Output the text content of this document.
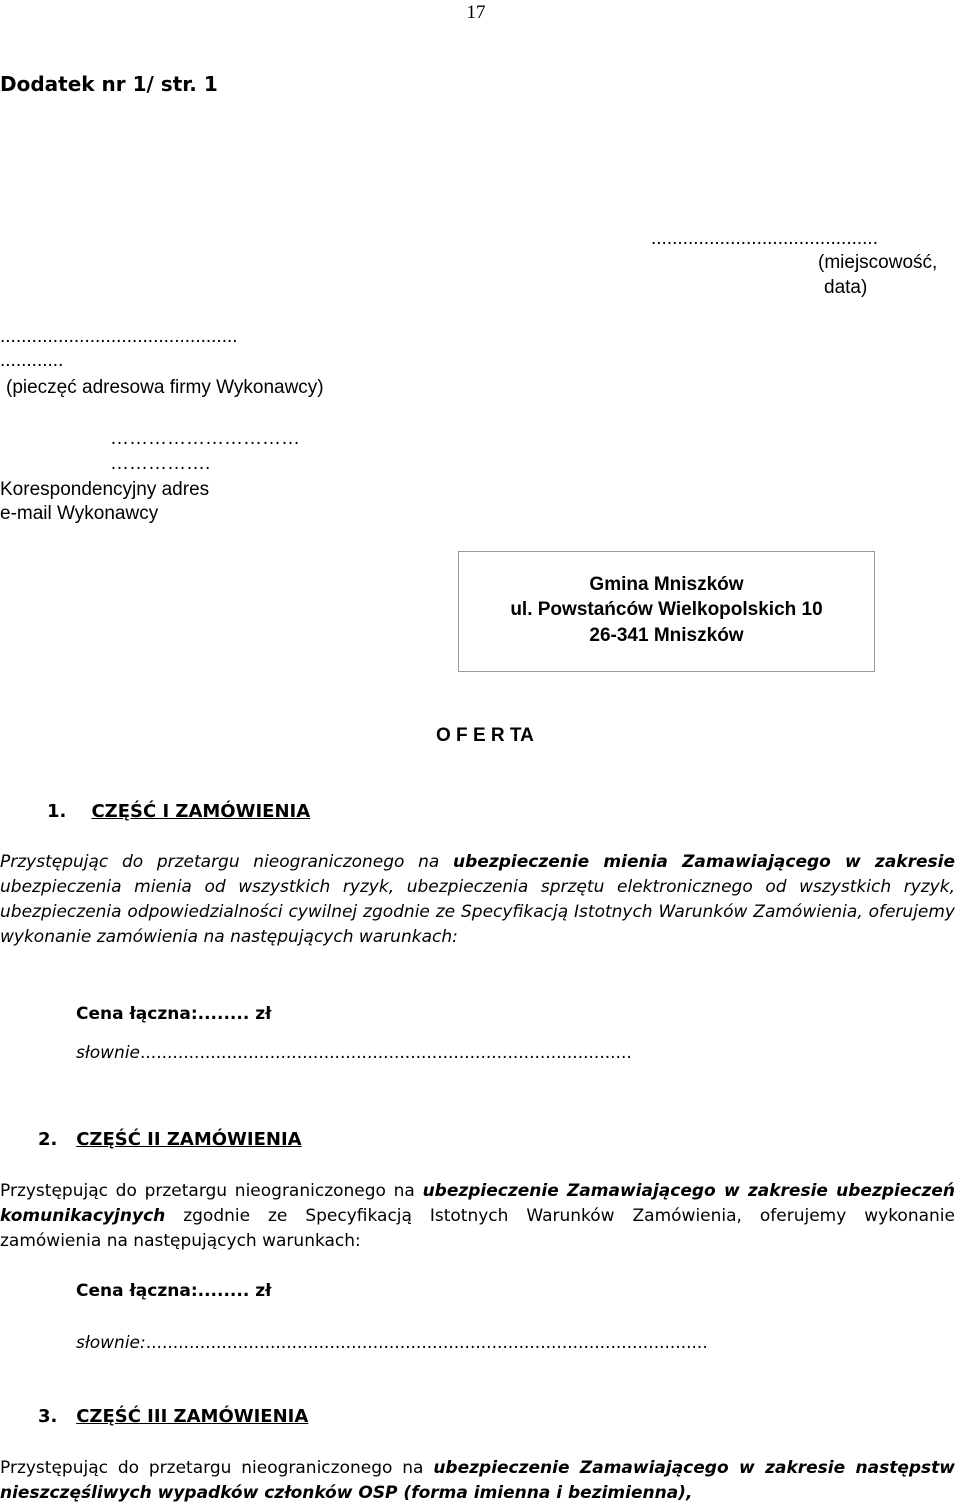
17
Dodatek nr 1/ str. 1
...........................................
(miejscowość,
data)
.............................................
............
(pieczęć adresowa firmy Wykonawcy)
…………………………
…………….
Korespondencyjny adres
e-mail Wykonawcy
Gmina Mniszków
ul. Powstańców Wielkopolskich 10
26-341 Mniszków
O F E R TA
1. CZĘŚĆ I ZAMÓWIENIA
Przystępując do przetargu nieograniczonego na ubezpieczenie mienia Zamawiającego w zakresie ubezpieczenia mienia od wszystkich ryzyk, ubezpieczenia sprzętu elektronicznego od wszystkich ryzyk, ubezpieczenia odpowiedzialności cywilnej zgodnie ze Specyfikacją Istotnych Warunków Zamówienia, oferujemy wykonanie zamówienia na następujących warunkach:
Cena łączna:........ zł
słownie...........................................................................................
2. CZĘŚĆ II ZAMÓWIENIA
Przystępując do przetargu nieograniczonego na ubezpieczenie Zamawiającego w zakresie ubezpieczeń komunikacyjnych zgodnie ze Specyfikacją Istotnych Warunków Zamówienia, oferujemy wykonanie zamówienia na następujących warunkach:
Cena łączna:........ zł
słownie:........................................................................................................
3. CZĘŚĆ III ZAMÓWIENIA
Przystępując do przetargu nieograniczonego na ubezpieczenie Zamawiającego w zakresie następstw nieszczęśliwych wypadków członków OSP (forma imienna i bezimienna),
